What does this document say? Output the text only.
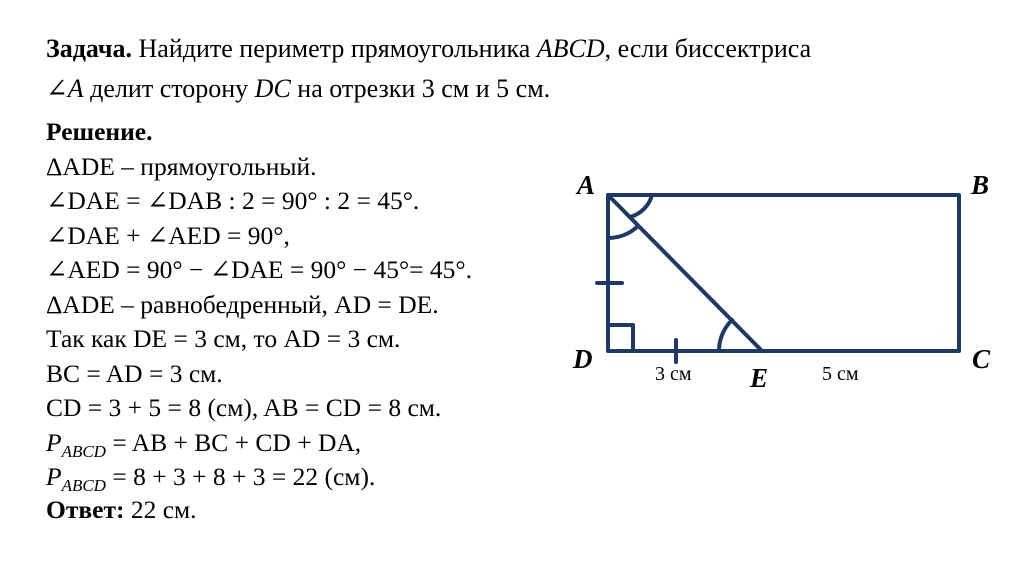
Задача. Найдите периметр прямоугольника ABCD, если биссектриса
∠A делит сторону DC на отрезки 3 см и 5 см.
Решение.
ΔADE – прямоугольный.
∠DAE = ∠DAB : 2 = 90° : 2 = 45°.
∠DAE + ∠AED = 90°,
∠AED = 90° − ∠DAE = 90° − 45°= 45°.
ΔADE – равнобедренный, AD = DE.
Так как DE = 3 см, то AD = 3 см.
BC = AD = 3 см.
CD = 3 + 5 = 8 (см), AB = CD = 8 см.
$P_{ABCD}$ = AB + BC + CD + DA,
$P_{ABCD} = 8 + 3 + 8 + 3 = 22$ (см).
Ответ: 22 см.
A	B
C
D
E
3 см	5 см
